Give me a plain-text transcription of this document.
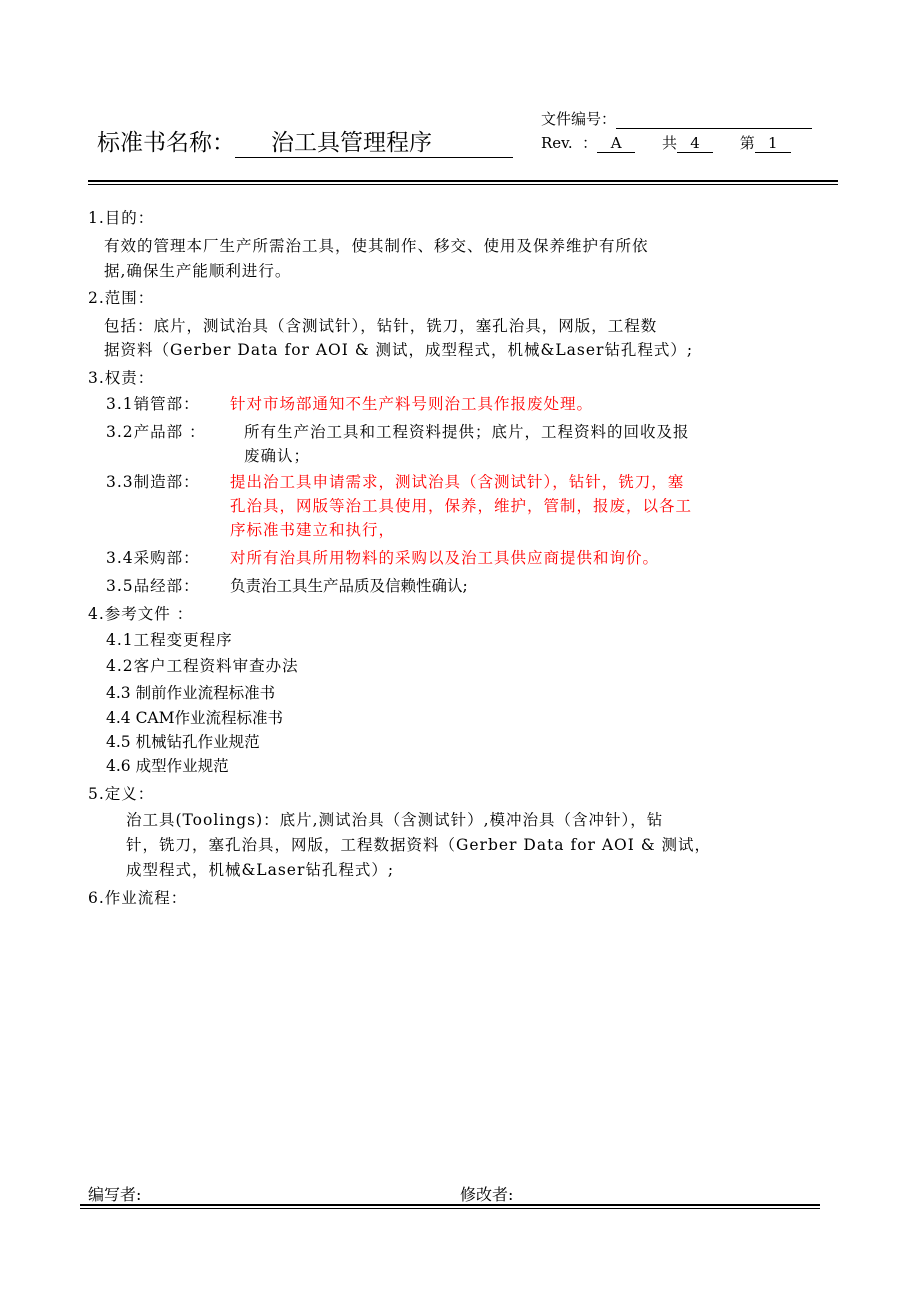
标准书名称： 治工具管理程序
文件编号：
Rev.  ： A	共 4	第 1
1.目的：
有效的管理本厂生产所需治工具，使其制作、移交、使用及保养维护有所依
据,确保生产能顺利进行。
2.范围：
包括：底片，测试治具（含测试针），钻针，铣刀，塞孔治具，网版，工程数
据资料（Gerber Data for AOI & 测试，成型程式，机械&Laser钻孔程式）;
3.权责：
3.1销管部： 针对市场部通知不生产料号则治工具作报废处理。
3.2产品部 ： 所有生产治工具和工程资料提供；底片，工程资料的回收及报
废确认；
3.3制造部： 提出治工具申请需求，测试治具（含测试针），钻针，铣刀，塞
孔治具，网版等治工具使用，保养，维护，管制，报废，以各工
序标准书建立和执行，
3.4采购部： 对所有治具所用物料的采购以及治工具供应商提供和询价。
3.5品经部： 负责治工具生产品质及信赖性确认;
4.参考文件 ：
4.1工程变更程序
4.2客户工程资料审查办法
4.3 制前作业流程标准书
4.4 CAM作业流程标准书
4.5 机械钻孔作业规范
4.6 成型作业规范
5.定义：
治工具(Toolings)：底片,测试治具（含测试针）,模冲治具（含冲针），钻
针，铣刀，塞孔治具，网版，工程数据资料（Gerber Data for AOI & 测试，
成型程式，机械&Laser钻孔程式）;
6.作业流程：
编写者:	修改者:
